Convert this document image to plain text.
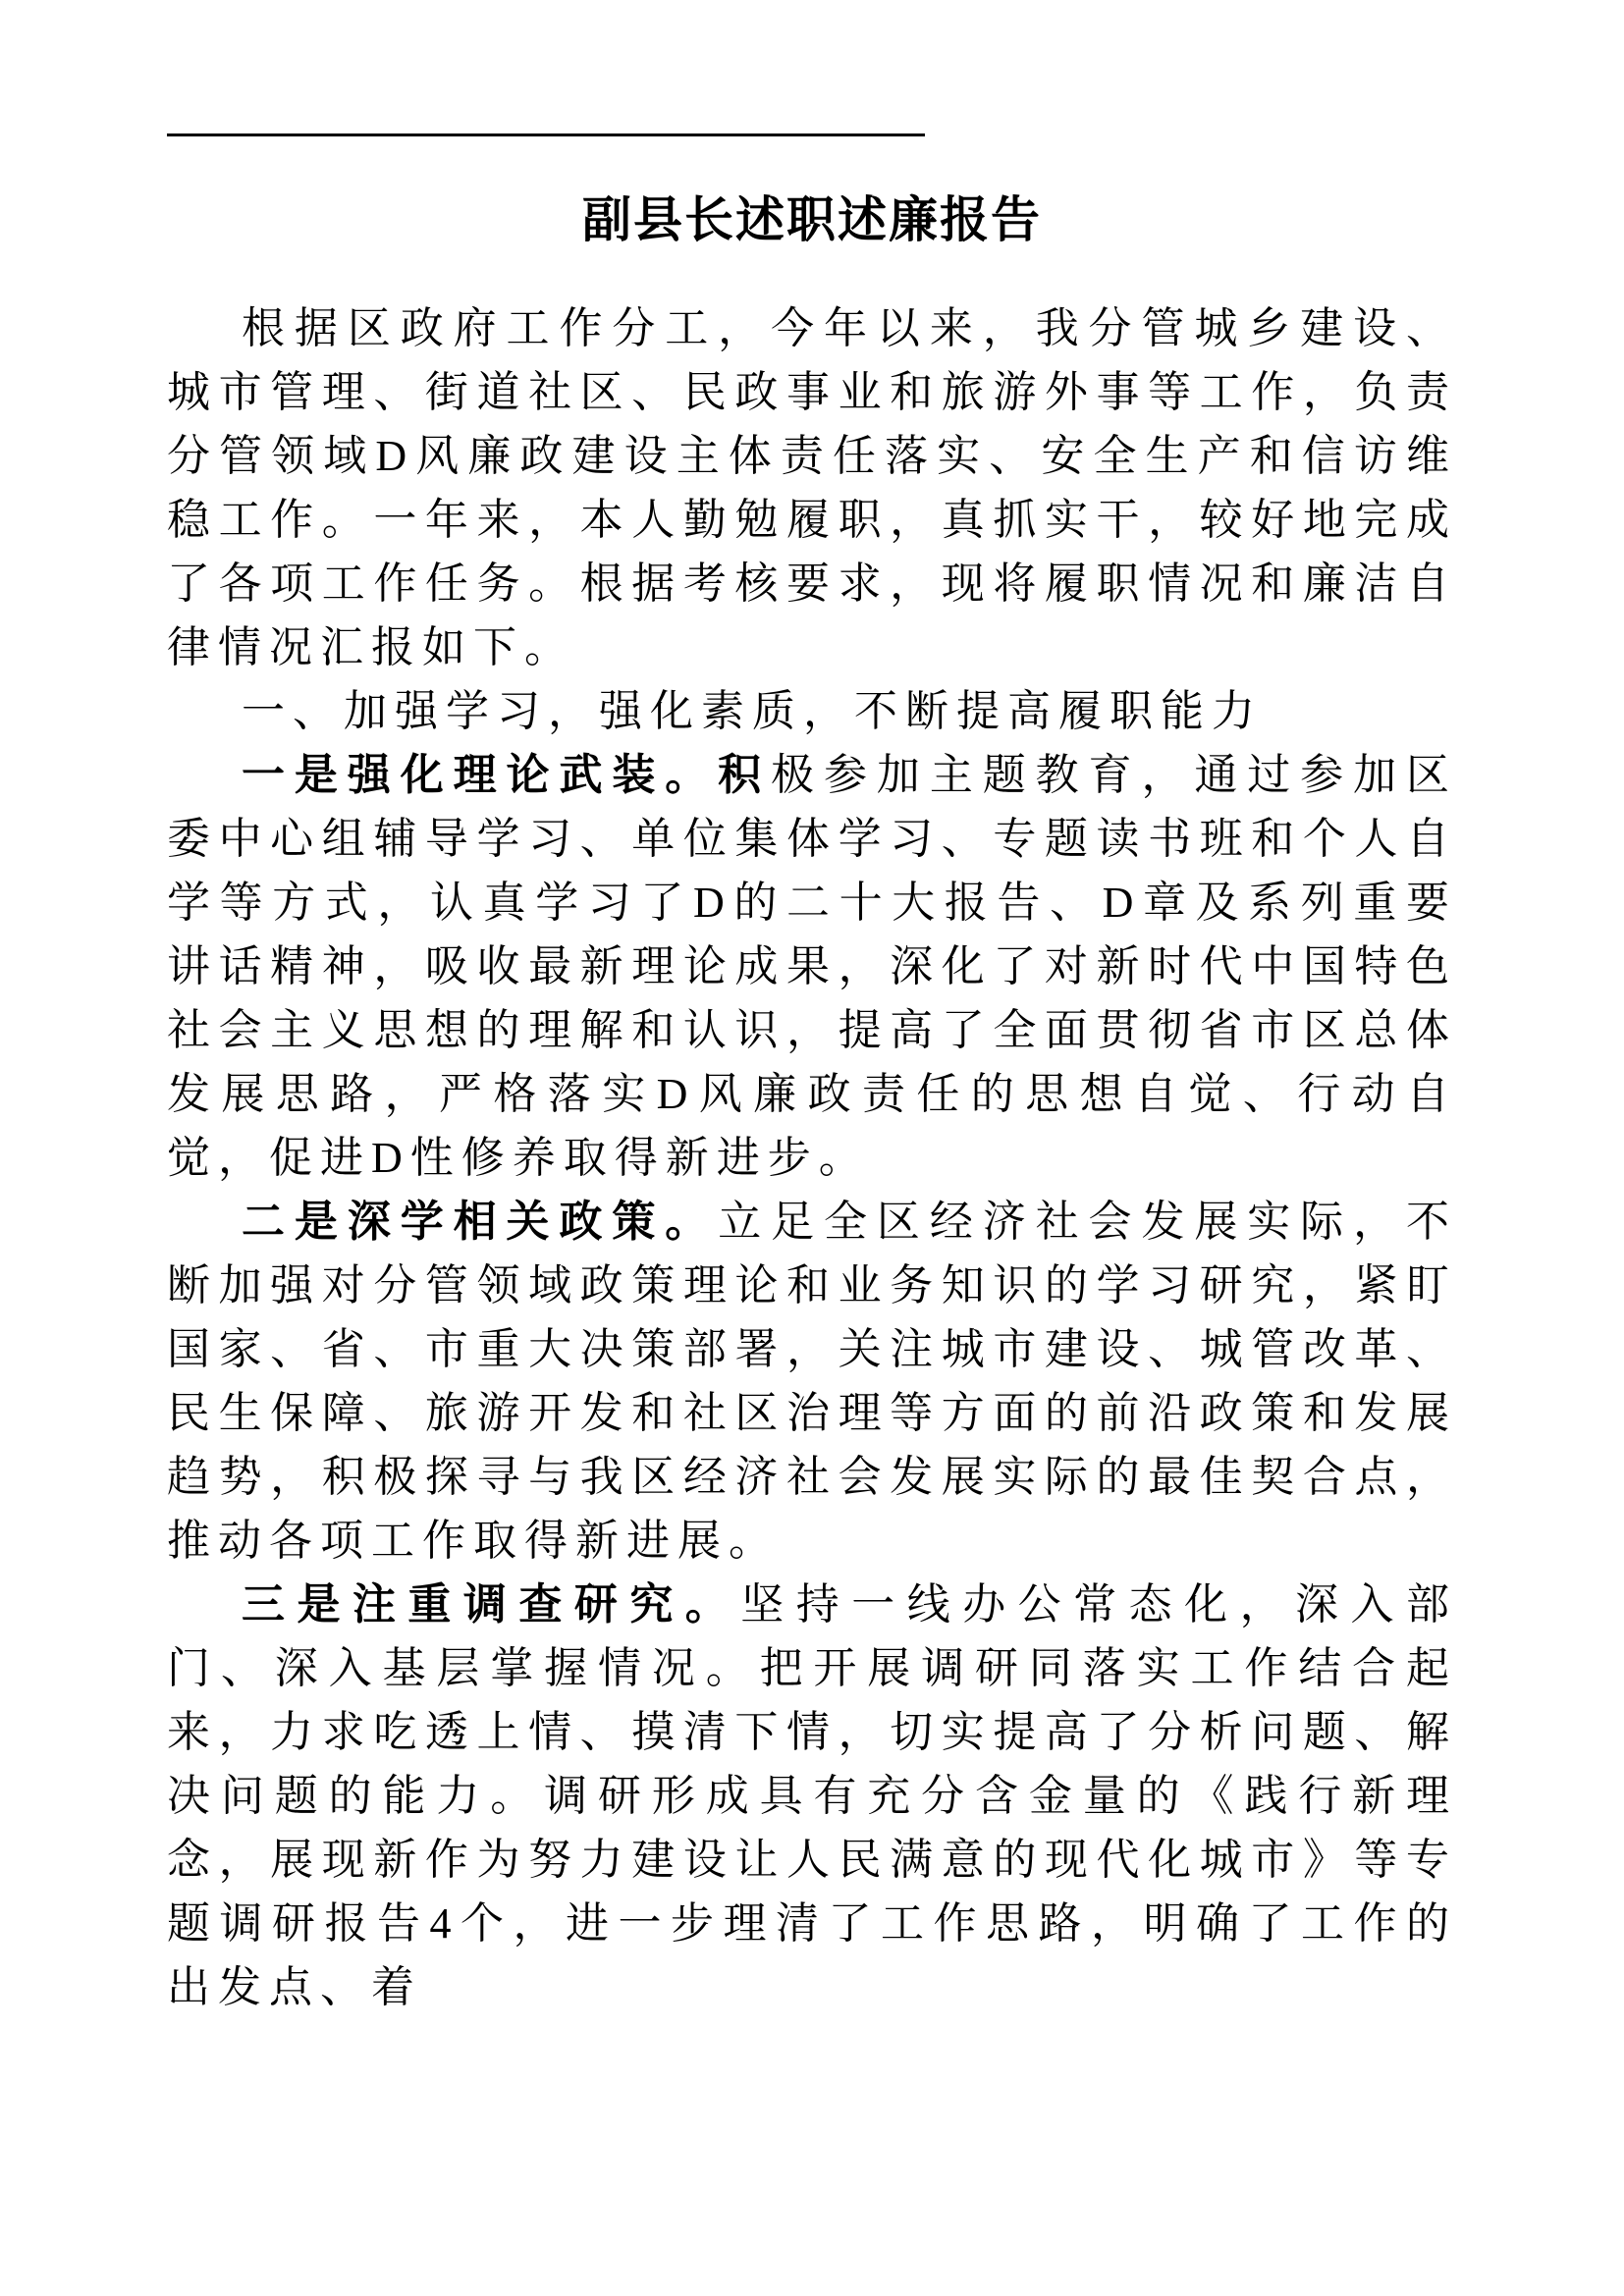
副县长述职述廉报告

根据区政府工作分工，今年以来，我分管城乡建设、城市管理、街道社区、民政事业和旅游外事等工作，负责分管领域D风廉政建设主体责任落实、安全生产和信访维稳工作。一年来，本人勤勉履职，真抓实干，较好地完成了各项工作任务。根据考核要求，现将履职情况和廉洁自律情况汇报如下。

一、加强学习，强化素质，不断提高履职能力

一是强化理论武装。积极参加主题教育，通过参加区委中心组辅导学习、单位集体学习、专题读书班和个人自学等方式，认真学习了D的二十大报告、D章及系列重要讲话精神，吸收最新理论成果，深化了对新时代中国特色社会主义思想的理解和认识，提高了全面贯彻省市区总体发展思路，严格落实D风廉政责任的思想自觉、行动自觉，促进D性修养取得新进步。

二是深学相关政策。立足全区经济社会发展实际，不断加强对分管领域政策理论和业务知识的学习研究，紧盯国家、省、市重大决策部署，关注城市建设、城管改革、民生保障、旅游开发和社区治理等方面的前沿政策和发展趋势，积极探寻与我区经济社会发展实际的最佳契合点，推动各项工作取得新进展。

三是注重调查研究。坚持一线办公常态化，深入部门、深入基层掌握情况。把开展调研同落实工作结合起来，力求吃透上情、摸清下情，切实提高了分析问题、解决问题的能力。调研形成具有充分含金量的《践行新理念，展现新作为努力建设让人民满意的现代化城市》等专题调研报告4个，进一步理清了工作思路，明确了工作的出发点、着
